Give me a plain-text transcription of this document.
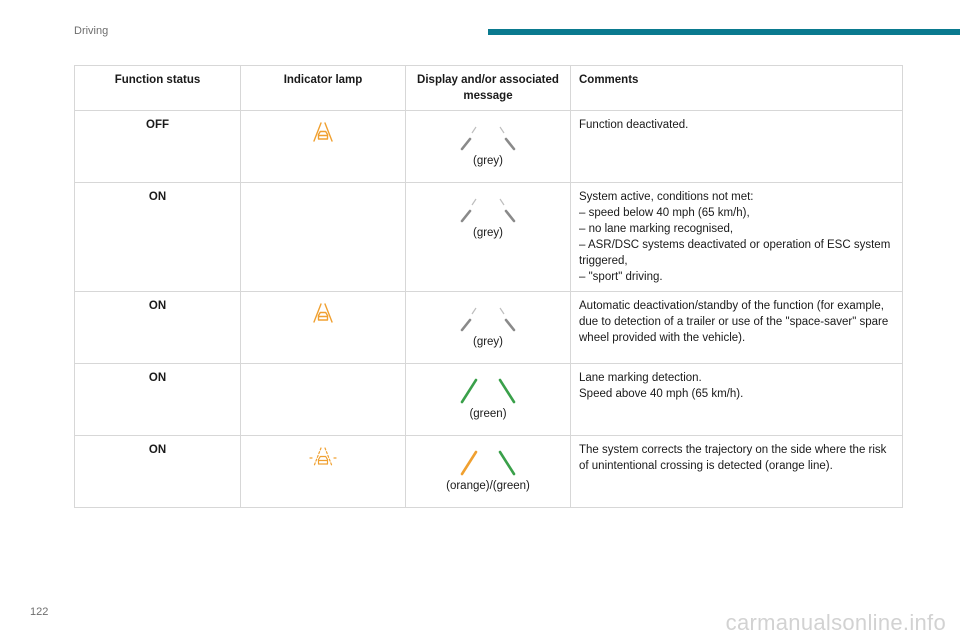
Driving
Function status	Indicator lamp	Display and/or associated message	Comments
OFF		(grey)	Function deactivated.

ON		(grey)	System active, conditions not met:
– speed below 40 mph (65 km/h),
– no lane marking recognised,
– ASR/DSC systems deactivated or operation of ESC system triggered,
– "sport" driving.

ON		(grey)	Automatic deactivation/standby of the function (for example, due to detection of a trailer or use of the "space-saver" spare wheel provided with the vehicle).

ON		(green)	Lane marking detection.
Speed above 40 mph (65 km/h).

ON		(orange)/(green)	The system corrects the trajectory on the side where the risk of unintentional crossing is detected (orange line).
122	carmanualsonline.info
